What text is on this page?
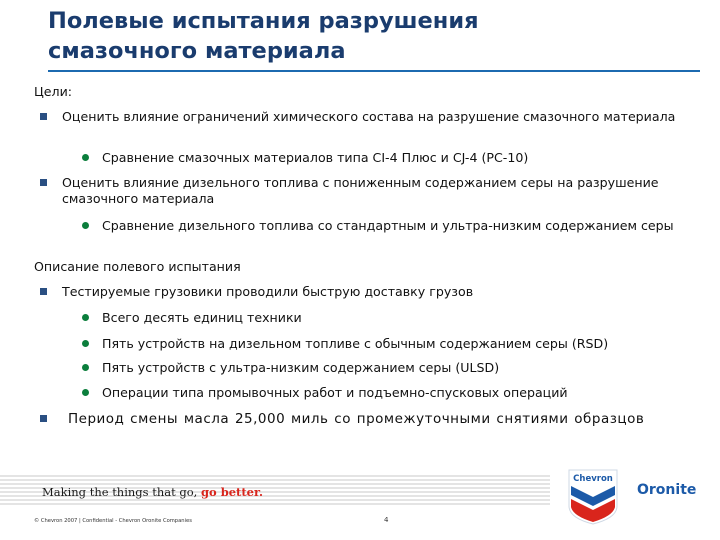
Полевые испытания разрушения
смазочного материала
Цели:
Оценить влияние ограничений химического состава на разрушение смазочного материала
Сравнение смазочных материалов типа CI-4 Плюс и CJ-4 (PC-10)
Оценить влияние дизельного топлива с пониженным содержанием серы на разрушение смазочного материала
Сравнение дизельного топлива со стандартным и ультра-низким содержанием серы
Описание полевого испытания
Тестируемые грузовики проводили быструю доставку грузов
Всего десять единиц техники
Пять устройств на дизельном топливе с обычным содержанием серы (RSD)
Пять устройств с ультра-низким содержанием серы (ULSD)
Операции типа промывочных работ и подъемно-спусковых операций
Период смены масла 25,000 миль со промежуточными снятиями образцов
Making the things that go, go better.
© Chevron 2007 | Confidential - Chevron Oronite Companies	4
Chevron
Oronite
